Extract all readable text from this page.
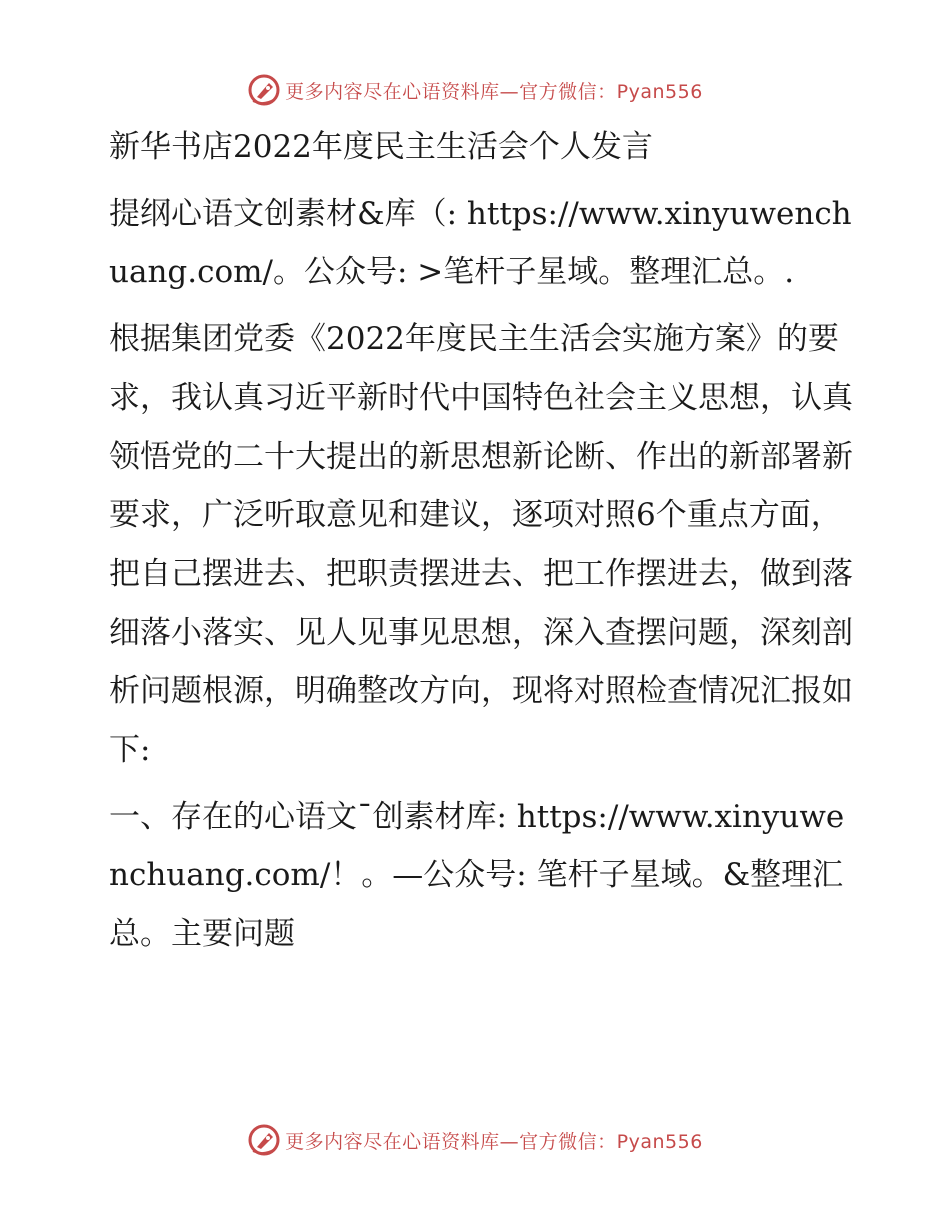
更多内容尽在心语资料库—官方微信：Pyan556

新华书店2022年度民主生活会个人发言

提纲心语文创素材&库（: https://www.xinyuwenchuang.com/。公众号: >笔杆子星域。整理汇总。.

根据集团党委《2022年度民主生活会实施方案》的要求，我认真习近平新时代中国特色社会主义思想，认真领悟党的二十大提出的新思想新论断、作出的新部署新要求，广泛听取意见和建议，逐项对照6个重点方面，把自己摆进去、把职责摆进去、把工作摆进去，做到落细落小落实、见人见事见思想，深入查摆问题，深刻剖析问题根源，明确整改方向，现将对照检查情况汇报如下:

一、存在的心语文¯创素材库: https://www.xinyuwenchuang.com/！。—公众号: 笔杆子星域。&整理汇总。主要问题

更多内容尽在心语资料库—官方微信：Pyan556
